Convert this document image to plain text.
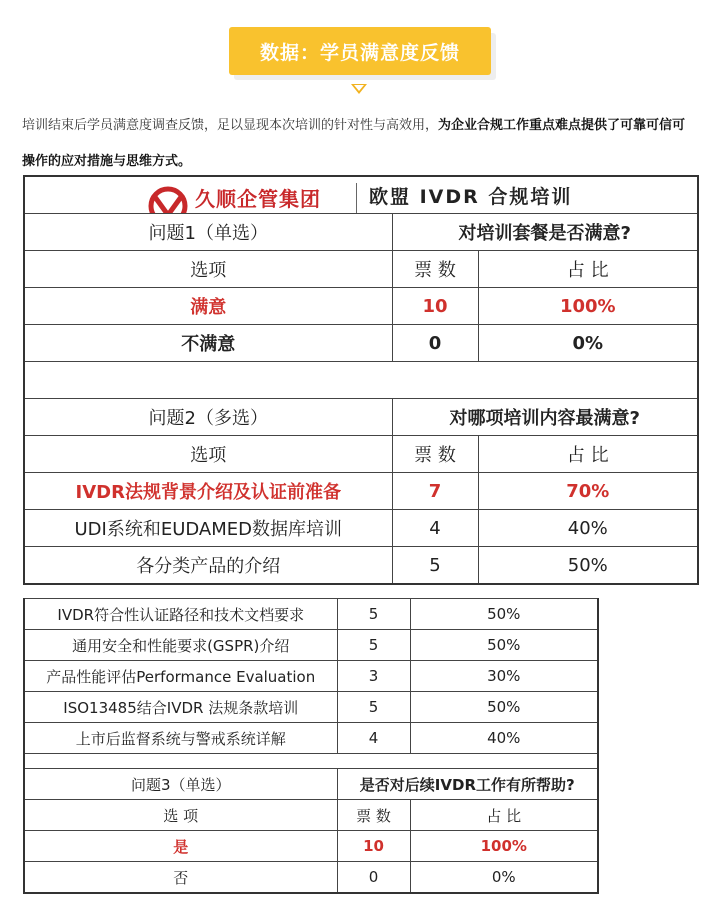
数据：学员满意度反馈
培训结束后学员满意度调查反馈，足以显现本次培训的针对性与高效用，为企业合规工作重点难点提供了可靠可信可操作的应对措施与思维方式。
久顺企管集团 欧盟 IVDR 合规培训		

问题1（单选）	对培训套餐是否满意?	
选项	票 数	占 比
满意	10	100%
不满意	0	0%

问题2（多选）	对哪项培训内容最满意?	
选项	票 数	占 比
IVDR法规背景介绍及认证前准备	7	70%
UDI系统和EUDAMED数据库培训	4	40%
各分类产品的介绍	5	50%
IVDR符合性认证路径和技术文档要求	5	50%
通用安全和性能要求(GSPR)介绍	5	50%
产品性能评估Performance Evaluation	3	30%
ISO13485结合IVDR 法规条款培训	5	50%
上市后监督系统与警戒系统详解	4	40%

问题3（单选）	是否对后续IVDR工作有所帮助?	
选 项	票 数	占 比
是	10	100%
否	0	0%
